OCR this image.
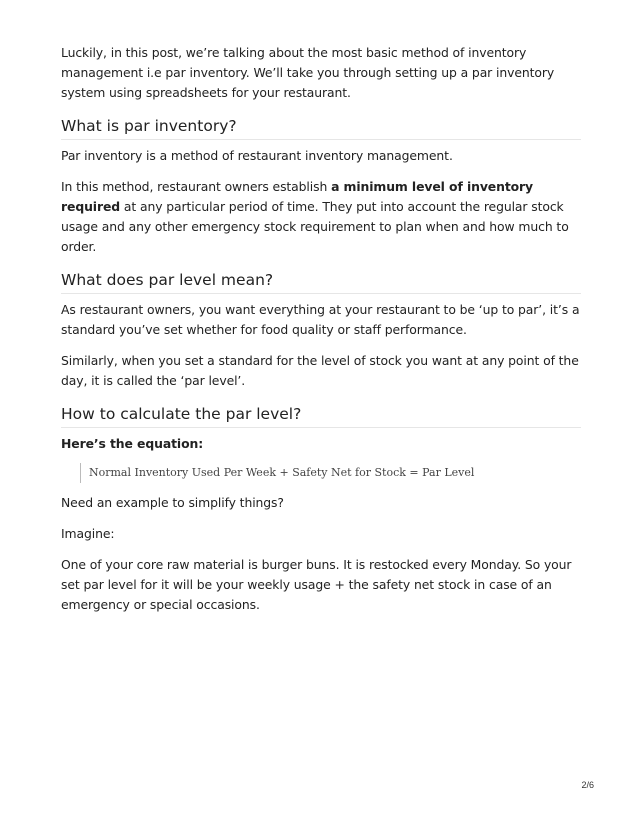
Luckily, in this post, we’re talking about the most basic method of inventory management i.e par inventory. We’ll take you through setting up a par inventory system using spreadsheets for your restaurant.

What is par inventory?

Par inventory is a method of restaurant inventory management.

In this method, restaurant owners establish a minimum level of inventory required at any particular period of time. They put into account the regular stock usage and any other emergency stock requirement to plan when and how much to order.

What does par level mean?

As restaurant owners, you want everything at your restaurant to be ‘up to par’, it’s a standard you’ve set whether for food quality or staff performance.

Similarly, when you set a standard for the level of stock you want at any point of the day, it is called the ‘par level’.

How to calculate the par level?

Here’s the equation:

Normal Inventory Used Per Week + Safety Net for Stock = Par Level

Need an example to simplify things?

Imagine:

One of your core raw material is burger buns. It is restocked every Monday. So your set par level for it will be your weekly usage + the safety net stock in case of an emergency or special occasions.

2/6
